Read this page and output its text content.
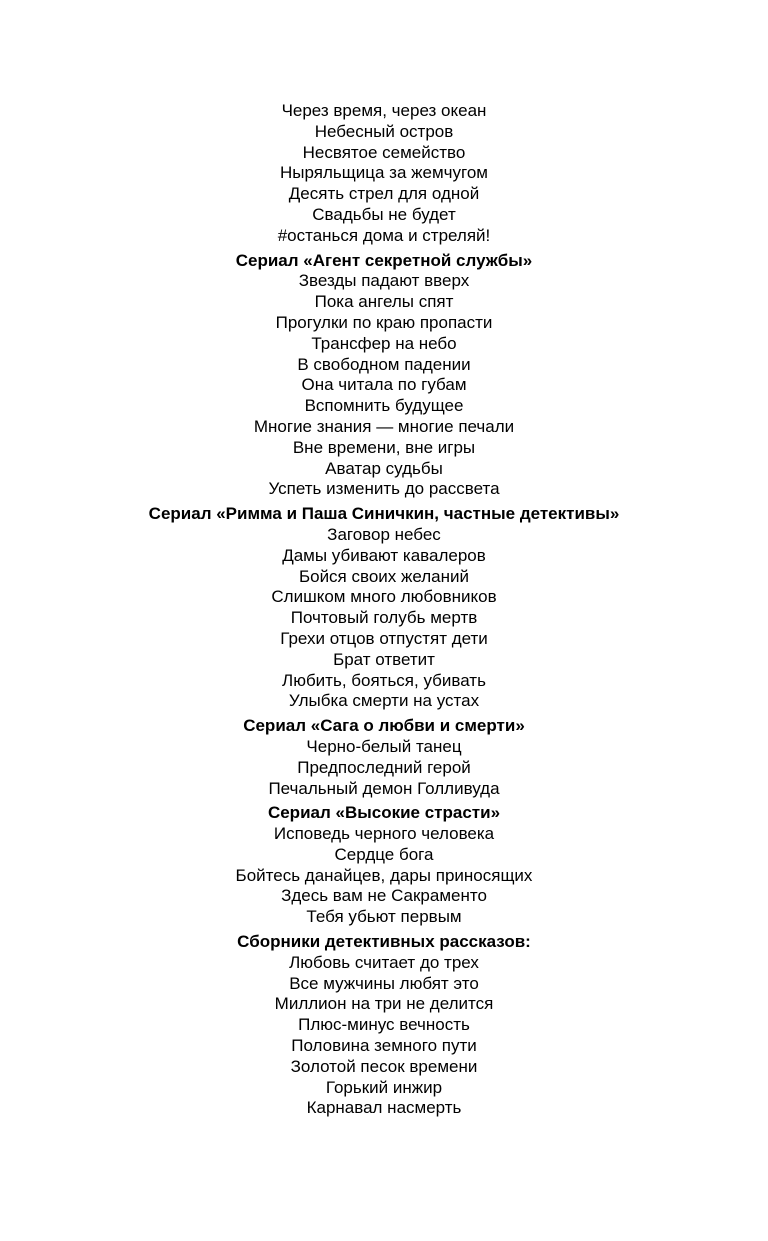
Через время, через океан
Небесный остров
Несвятое семейство
Ныряльщица за жемчугом
Десять стрел для одной
Свадьбы не будет
#останься дома и стреляй!
Сериал «Агент секретной службы»
Звезды падают вверх
Пока ангелы спят
Прогулки по краю пропасти
Трансфер на небо
В свободном падении
Она читала по губам
Вспомнить будущее
Многие знания — многие печали
Вне времени, вне игры
Аватар судьбы
Успеть изменить до рассвета
Сериал «Римма и Паша Синичкин, частные детективы»
Заговор небес
Дамы убивают кавалеров
Бойся своих желаний
Слишком много любовников
Почтовый голубь мертв
Грехи отцов отпустят дети
Брат ответит
Любить, бояться, убивать
Улыбка смерти на устах
Сериал «Сага о любви и смерти»
Черно-белый танец
Предпоследний герой
Печальный демон Голливуда
Сериал «Высокие страсти»
Исповедь черного человека
Сердце бога
Бойтесь данайцев, дары приносящих
Здесь вам не Сакраменто
Тебя убьют первым
Сборники детективных рассказов:
Любовь считает до трех
Все мужчины любят это
Миллион на три не делится
Плюс-минус вечность
Половина земного пути
Золотой песок времени
Горький инжир
Карнавал насмерть
